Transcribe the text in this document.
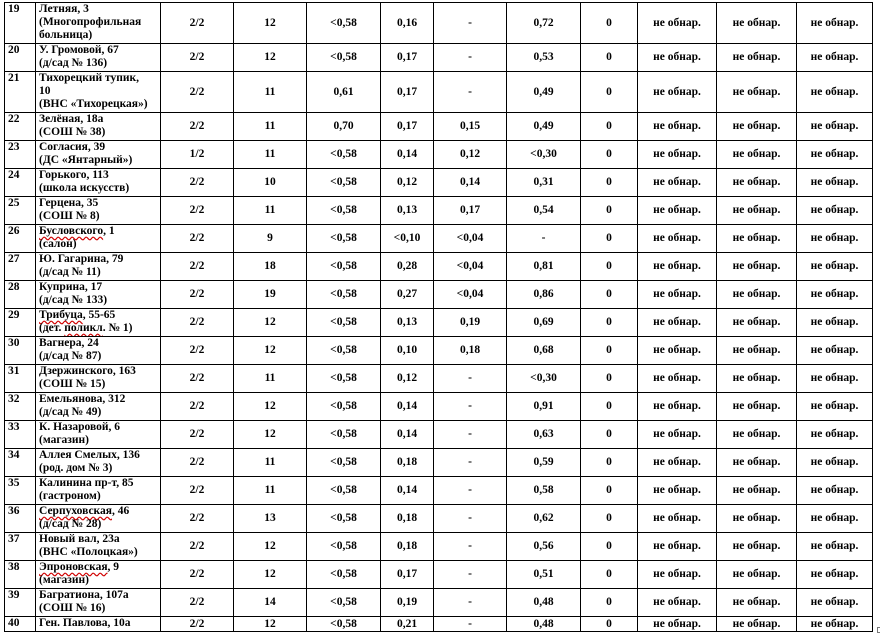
19	Летняя, 3
(Многопрофильная
больница)	2/2	12	<0,58	0,16	-	0,72	0	не обнар.	не обнар.	не обнар.
20	У. Громовой, 67
(д/сад № 136)	2/2	12	<0,58	0,17	-	0,53	0	не обнар.	не обнар.	не обнар.
21	Тихорецкий тупик,
10
(ВНС «Тихорецкая»)	2/2	11	0,61	0,17	-	0,49	0	не обнар.	не обнар.	не обнар.
22	Зелёная, 18а
(СОШ № 38)	2/2	11	0,70	0,17	0,15	0,49	0	не обнар.	не обнар.	не обнар.
23	Согласия, 39
(ДС «Янтарный»)	1/2	11	<0,58	0,14	0,12	<0,30	0	не обнар.	не обнар.	не обнар.
24	Горького, 113
(школа искусств)	2/2	10	<0,58	0,12	0,14	0,31	0	не обнар.	не обнар.	не обнар.
25	Герцена, 35
(СОШ № 8)	2/2	11	<0,58	0,13	0,17	0,54	0	не обнар.	не обнар.	не обнар.
26	Бусловского, 1
(салон)	2/2	9	<0,58	<0,10	<0,04	-	0	не обнар.	не обнар.	не обнар.
27	Ю. Гагарина, 79
(д/сад № 11)	2/2	18	<0,58	0,28	<0,04	0,81	0	не обнар.	не обнар.	не обнар.
28	Куприна, 17
(д/сад № 133)	2/2	19	<0,58	0,27	<0,04	0,86	0	не обнар.	не обнар.	не обнар.
29	Трибуца, 55-65
(дет. поликл. № 1)	2/2	12	<0,58	0,13	0,19	0,69	0	не обнар.	не обнар.	не обнар.
30	Вагнера, 24
(д/сад № 87)	2/2	12	<0,58	0,10	0,18	0,68	0	не обнар.	не обнар.	не обнар.
31	Дзержинского, 163
(СОШ № 15)	2/2	11	<0,58	0,12	-	<0,30	0	не обнар.	не обнар.	не обнар.
32	Емельянова, 312
(д/сад № 49)	2/2	12	<0,58	0,14	-	0,91	0	не обнар.	не обнар.	не обнар.
33	К. Назаровой, 6
(магазин)	2/2	12	<0,58	0,14	-	0,63	0	не обнар.	не обнар.	не обнар.
34	Аллея Смелых, 136
(род. дом № 3)	2/2	11	<0,58	0,18	-	0,59	0	не обнар.	не обнар.	не обнар.
35	Калинина пр-т, 85
(гастроном)	2/2	11	<0,58	0,14	-	0,58	0	не обнар.	не обнар.	не обнар.
36	Серпуховская, 46
(д/сад № 28)	2/2	13	<0,58	0,18	-	0,62	0	не обнар.	не обнар.	не обнар.
37	Новый вал, 23а
(ВНС «Полоцкая»)	2/2	12	<0,58	0,18	-	0,56	0	не обнар.	не обнар.	не обнар.
38	Эпроновская, 9
(магазин)	2/2	12	<0,58	0,17	-	0,51	0	не обнар.	не обнар.	не обнар.
39	Багратиона, 107а
(СОШ № 16)	2/2	14	<0,58	0,19	-	0,48	0	не обнар.	не обнар.	не обнар.
40	Ген. Павлова, 10а	2/2	12	<0,58	0,21	-	0,48	0	не обнар.	не обнар.	не обнар.
